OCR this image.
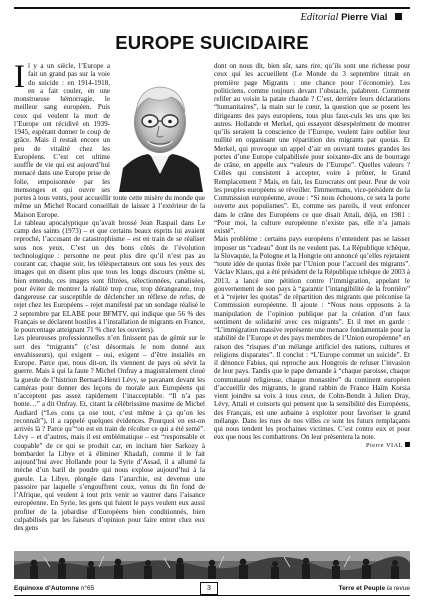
Editorial Pierre Vial
EUROPE SUICIDAIRE

Il y a un siècle, l’Europe a fait un grand pas sur la voie du suicide : en 1914-1918, en a fait couler, en une monstrueuse hémorragie, le meilleur sang européen. Puis ceux qui veulent la mort de l’Europe ont récidivé en 1939-1945, espérant donner le coup de grâce. Mais il restait encore un peu de vitalité chez les Européens. C’est cet ultime souffle de vie qui est aujourd’hui menacé dans une Europe prise de folie, empoisonnée par les mensonges et qui ouvre ses portes à tous vents, pour accueillir toute cette misère du monde que même un Michel Rocard conseillait de laisser à l’extérieur de la Maison Europe.

Le tableau apocalyptique qu’avait brossé Jean Raspail dans Le camp des saints (1973) – et que certains beaux esprits lui avaient reproché, l’accusant de catastrophisme – est en train de se réaliser sous nos yeux. C’est un des bons côtés de l’évolution technologique : personne ne peut plus dire qu’il n’est pas au courant car, chaque soir, les téléspectateurs ont sous les yeux des images qui en disent plus que tous les longs discours (même si, bien entendu, ces images sont filtrées, sélectionnées, canalisées, pour éviter de montrer la réalité trop crue, trop dérangeante, trop dangereuse car susceptible de déclencher un réflexe de refus, de rejet chez les Européens – rejet manifesté par un sondage réalisé le 2 septembre par ELABE pour BFMTV, qui indique que 56 % des Français se déclarent hostiles à l’installation de migrants en France, le pourcentage atteignant 71 % chez les ouvriers).

Les pleureuses professionnelles n’en finissent pas de gémir sur le sort des “migrants” (c’est désormais le nom donné aux envahisseurs), qui exigent – oui, exigent – d’être installés en Europe. Parce que, nous dit-on, ils viennent de pays où sévit la guerre. Mais à qui la faute ? Michel Onfray a magistralement cloué la gueule de l’histrion Bernard-Henri Lévy, se pavanant devant les caméras pour donner des leçons de morale aux Européens qui n’acceptent pas assez rapidement l’inacceptable. “Il n’a pas honte…” a dit Onfray. Et, citant la célébrissime maxime de Michel Audiard (“Les cons ça ose tout, c’est même à ça qu’on les reconnaît”), il a rappelé quelques évidences. Pourquoi en est-on arrivés là ? Parce qu’“on est en train de récolter ce qui a été semé”. Lévy – et d’autres, mais il est emblématique – est “responsable et coupable” de ce qui se produit car, en incitant hier Sarkozy à bombarder la Libye et à éliminer Khadafi, comme il le fait aujourd’hui avec Hollande pour la Syrie d’Assad, il a allumé la mèche d’un baril de poudre qui nous explose aujourd’hui à la gueule. La Libye, plongée dans l’anarchie, est devenue une passoire par laquelle s’engouffrent ceux, venus du fin fond de l’Afrique, qui veulent à tout prix venir se vautrer dans l’aisance européenne. En Syrie, les gens qui fuient le pays veulent eux aussi profiter de la jobardise d’Européens bien conditionnés, bien culpabilisés par les faiseurs d’opinion pour faire entrer chez eux des gens

dont on nous dit, bien sûr, sans rire, qu’ils sont une richesse pour ceux qui les accueillent (Le Monde du 3 septembre titrait en première page Migrants : une chance pour l’économie). Les politiciens, comme toujours devant l’obstacle, palabrent. Comment refiler au voisin la patate chaude ? C’est, derrière leurs déclarations “humanitaires”, la main sur le cœur, la question que se posent les dirigeants des pays européens, tous plus faux-culs les uns que les autres. Hollande et Merkel, qui essayent désespérément de montrer qu’ils seraient la conscience de l’Europe, veulent faire oublier leur nullité en organisant une répartition des migrants par quotas. Et Merkel, qui provoque un appel d’air en ouvrant toutes grandes les portes d’une Europe culpabilisée pour soixante-dix ans de bourrage de crâne, en appelle aux “valeurs de l’Europe”. Quelles valeurs ? Celles qui consistent à accepter, voire à prôner, le Grand Remplacement ? Mais, en fait, les Eurocrates ont peur. Peur de voir les peuples européens se réveiller. Timmermans, vice-président de la Commission européenne, avoue : “Si nous échouons, ce sera la porte ouverte aux populismes”. Et, comme ses pareils, il veut enfoncer dans le crâne des Européens ce que disait Attali, déjà, en 1981 : “Pour moi, la culture européenne n’existe pas, elle n’a jamais existé”.

Mais problème : certains pays européens n’entendent pas se laisser imposer un “cadeau” dont ils ne veulent pas. La République tchèque, la Slovaquie, la Pologne et la Hongrie ont annoncé qu’elles rejetaient “toute idée de quotas fixée par l’Union pour l’accueil des migrants”. Václav Klaus, qui a été président de la République tchèque de 2003 à 2013, a lancé une pétition contre l’immigration, appelant le gouvernement de son pays à “garantir l’intangibilité de la frontière” et à “rejeter les quotas” de répartition des migrants que préconise la Commission européenne. Il ajoute : “Nous nous opposons à la manipulation de l’opinion publique par la création d’un faux sentiment de solidarité avec ces migrants”. Et il met en garde : “L’immigration massive représente une menace fondamentale pour la stabilité de l’Europe et des pays membres de l’Union européenne” en raison des “risques d’un mélange artificiel des nations, cultures et religions disparates”. Il conclut : “L’Europe commet un suicide”. Et il dénonce Fabius, qui reproche aux Hongrois de refuser l’invasion de leur pays. Tandis que le pape demande à “chaque paroisse, chaque communauté religieuse, chaque monastère” du continent européen d’accueillir des migrants, le grand rabbin de France Haïm Korsia vient joindre sa voix à tous ceux, de Cohn-Bendit à Julien Dray, Lévy, Attali et consorts qui pensent que la sensibilité des Européens, des Français, est une aubaine à exploiter pour favoriser le grand mélange. Dans les rues de nos villes ce sont les futurs remplaçants qui nous tendent les prochaines victimes. C’est contre eux et pour eux que nous les combattrons. On leur présentera la note.

Pierre VIAL

Equinoxe d’Automne n°65	3	Terre et Peuple la revue
